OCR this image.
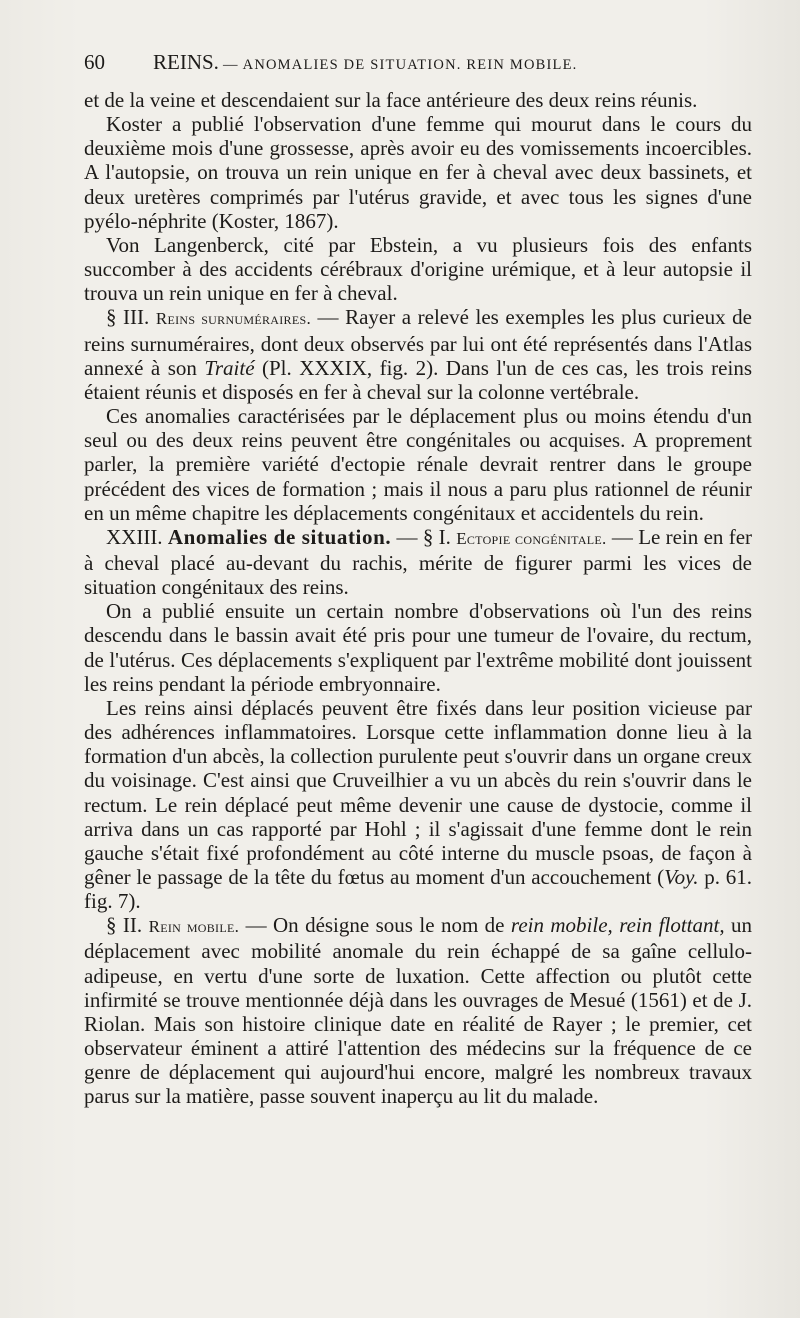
60 REINS. — ANOMALIES DE SITUATION. REIN MOBILE.

et de la veine et descendaient sur la face antérieure des deux reins réunis.

Koster a publié l'observation d'une femme qui mourut dans le cours du deuxième mois d'une grossesse, après avoir eu des vomissements incoercibles. A l'autopsie, on trouva un rein unique en fer à cheval avec deux bassinets, et deux uretères comprimés par l'utérus gravide, et avec tous les signes d'une pyélo-néphrite (Koster, 1867).

Von Langenberck, cité par Ebstein, a vu plusieurs fois des enfants succomber à des accidents cérébraux d'origine urémique, et à leur autopsie il trouva un rein unique en fer à cheval.

§ III. Reins surnuméraires. — Rayer a relevé les exemples les plus curieux de reins surnuméraires, dont deux observés par lui ont été représentés dans l'Atlas annexé à son Traité (Pl. XXXIX, fig. 2). Dans l'un de ces cas, les trois reins étaient réunis et disposés en fer à cheval sur la colonne vertébrale.

Ces anomalies caractérisées par le déplacement plus ou moins étendu d'un seul ou des deux reins peuvent être congénitales ou acquises. A proprement parler, la première variété d'ectopie rénale devrait rentrer dans le groupe précédent des vices de formation ; mais il nous a paru plus rationnel de réunir en un même chapitre les déplacements congénitaux et accidentels du rein.

XXIII. Anomalies de situation. — § I. Ectopie congénitale. — Le rein en fer à cheval placé au-devant du rachis, mérite de figurer parmi les vices de situation congénitaux des reins.

On a publié ensuite un certain nombre d'observations où l'un des reins descendu dans le bassin avait été pris pour une tumeur de l'ovaire, du rectum, de l'utérus. Ces déplacements s'expliquent par l'extrême mobilité dont jouissent les reins pendant la période embryonnaire.

Les reins ainsi déplacés peuvent être fixés dans leur position vicieuse par des adhérences inflammatoires. Lorsque cette inflammation donne lieu à la formation d'un abcès, la collection purulente peut s'ouvrir dans un organe creux du voisinage. C'est ainsi que Cruveilhier a vu un abcès du rein s'ouvrir dans le rectum. Le rein déplacé peut même devenir une cause de dystocie, comme il arriva dans un cas rapporté par Hohl ; il s'agissait d'une femme dont le rein gauche s'était fixé profondément au côté interne du muscle psoas, de façon à gêner le passage de la tête du fœtus au moment d'un accouchement (Voy. p. 61. fig. 7).

§ II. Rein mobile. — On désigne sous le nom de rein mobile, rein flottant, un déplacement avec mobilité anomale du rein échappé de sa gaîne cellulo-adipeuse, en vertu d'une sorte de luxation. Cette affection ou plutôt cette infirmité se trouve mentionnée déjà dans les ouvrages de Mesué (1561) et de J. Riolan. Mais son histoire clinique date en réalité de Rayer ; le premier, cet observateur éminent a attiré l'attention des médecins sur la fréquence de ce genre de déplacement qui aujourd'hui encore, malgré les nombreux travaux parus sur la matière, passe souvent inaperçu au lit du malade.
